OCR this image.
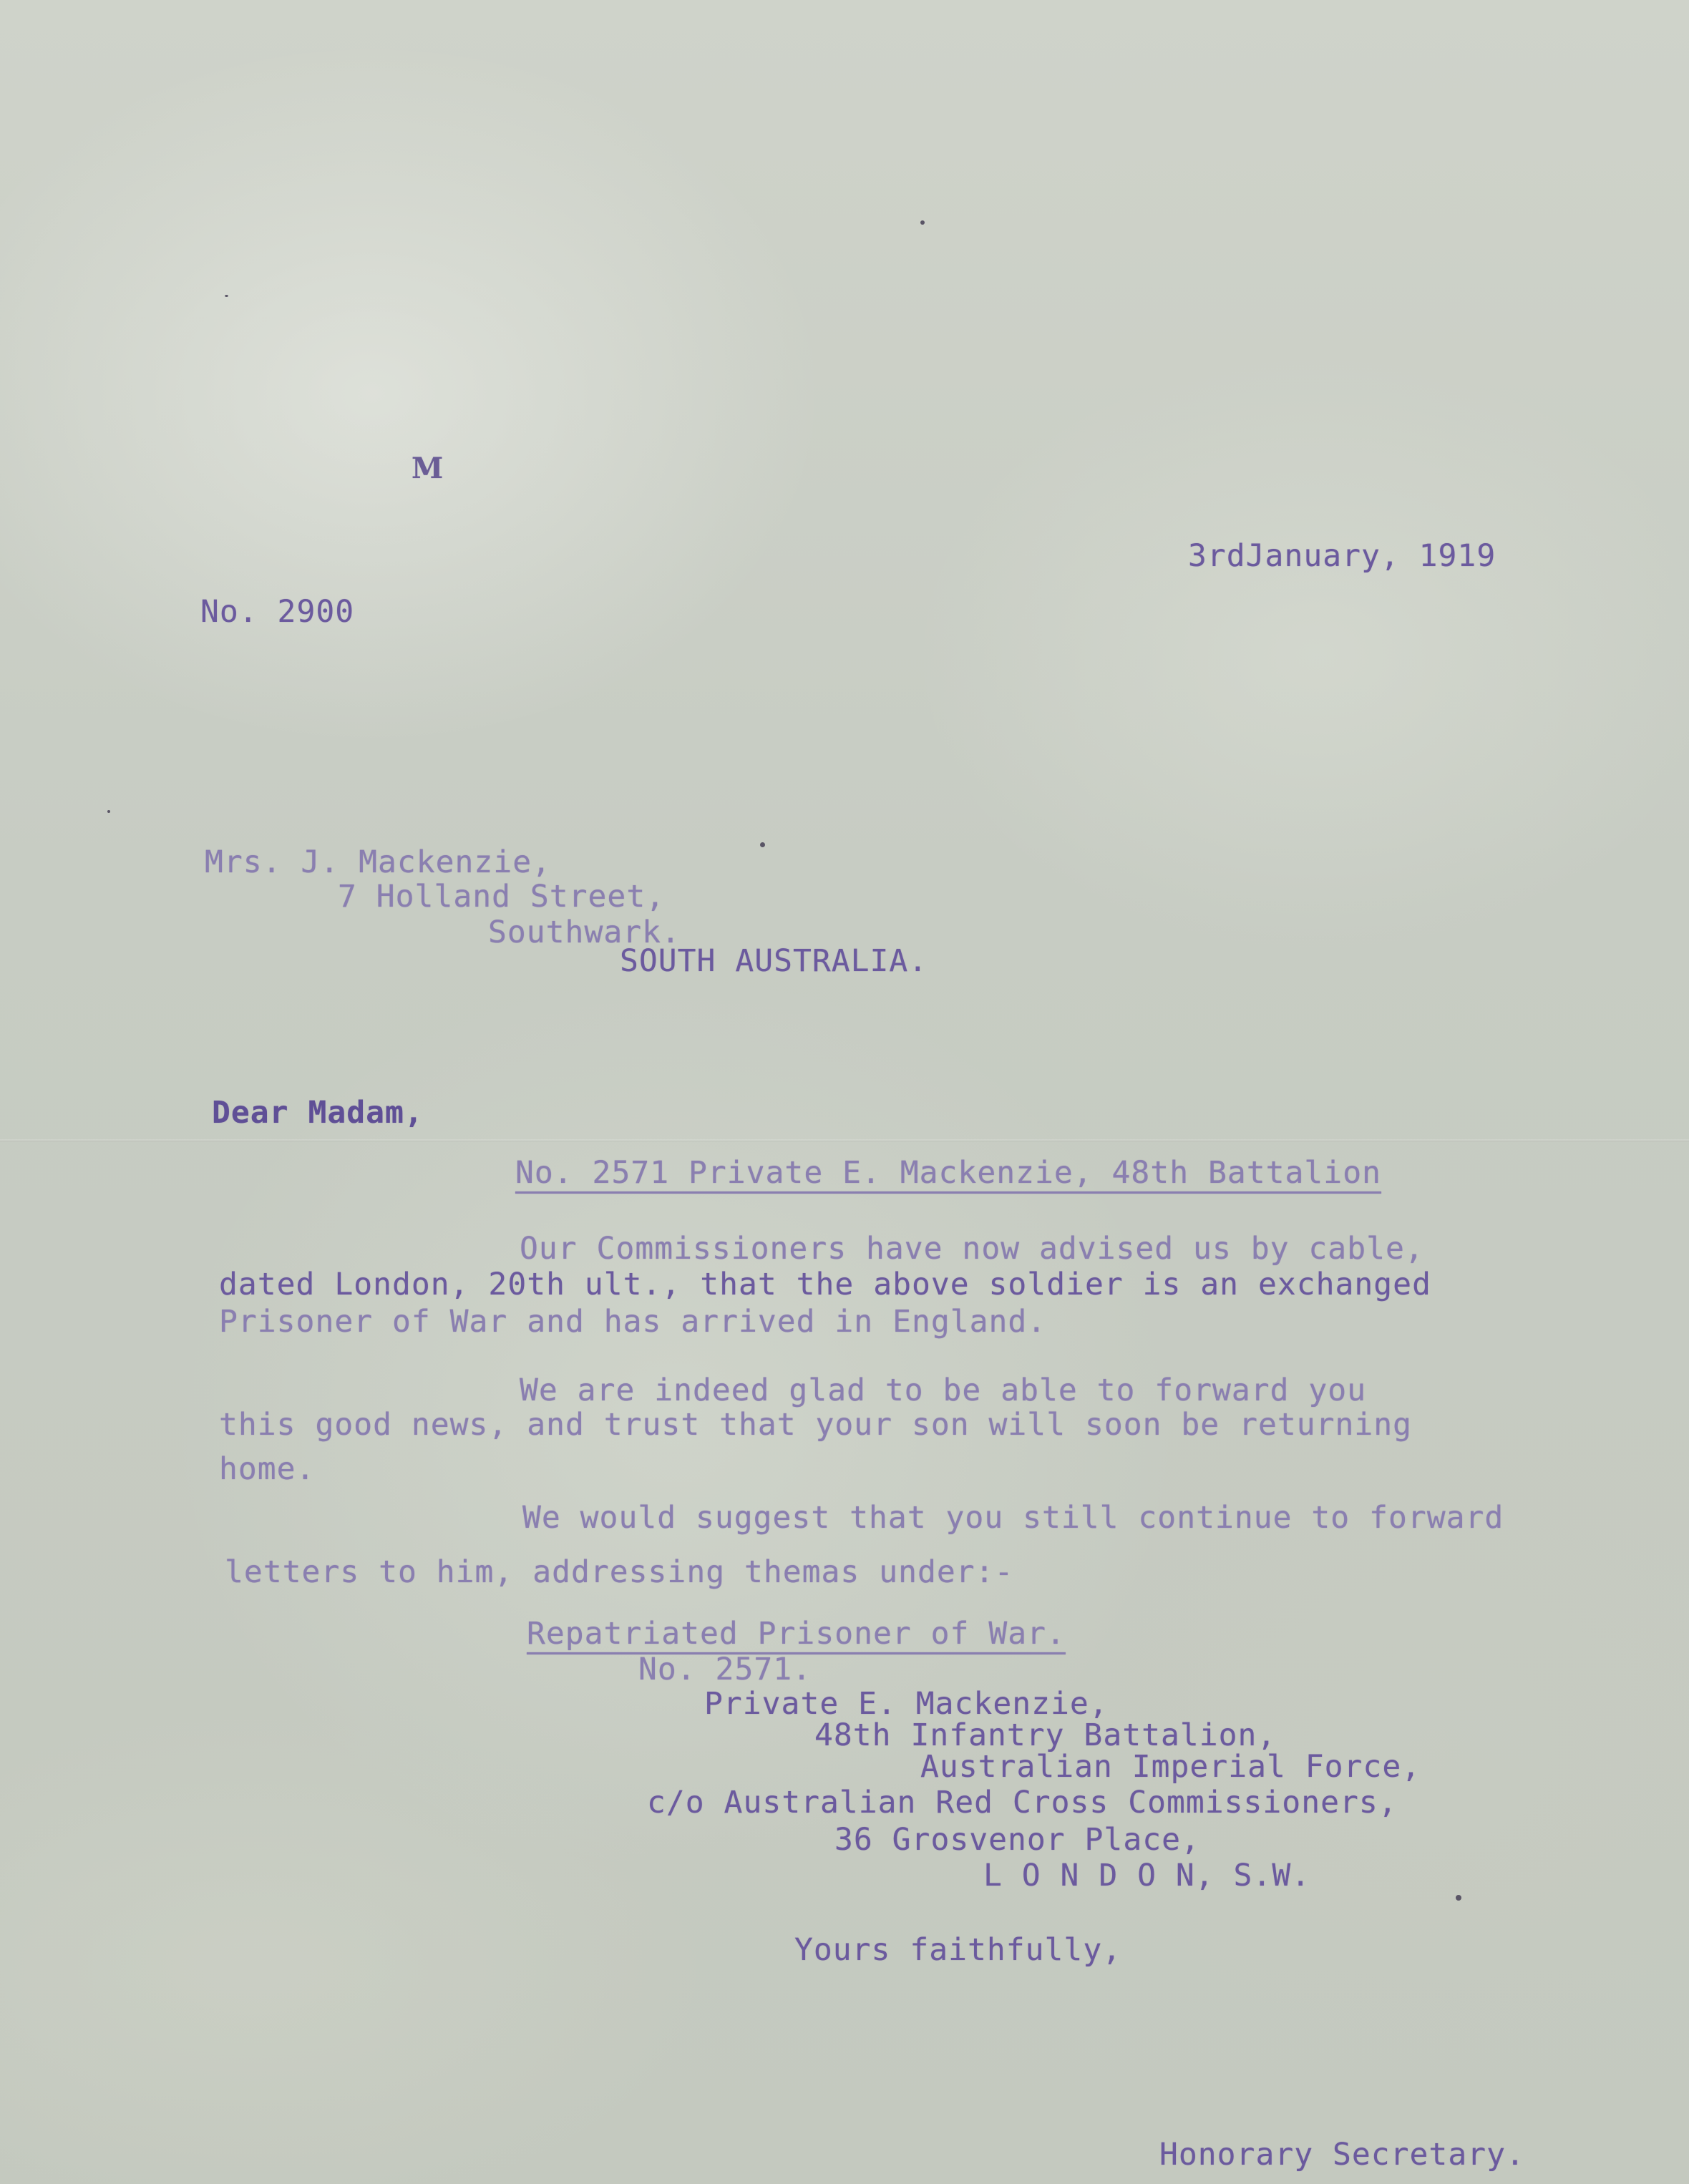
M
3rdJanuary, 1919
No. 2900
Mrs. J. Mackenzie,
7 Holland Street,
Southwark.
SOUTH AUSTRALIA.
Dear Madam,
No. 2571 Private E. Mackenzie, 48th Battalion
Our Commissioners have now advised us by cable,
dated London, 20th ult., that the above soldier is an exchanged
Prisoner of War and has arrived in England.
We are indeed glad to be able to forward you
this good news, and trust that your son will soon be returning
home.
We would suggest that you still continue to forward
letters to him, addressing themas under:-
Repatriated Prisoner of War.
No. 2571.
Private E. Mackenzie,
48th Infantry Battalion,
Australian Imperial Force,
c/o Australian Red Cross Commissioners,
36 Grosvenor Place,
L O N D O N, S.W.
Yours faithfully,
Honorary Secretary.
